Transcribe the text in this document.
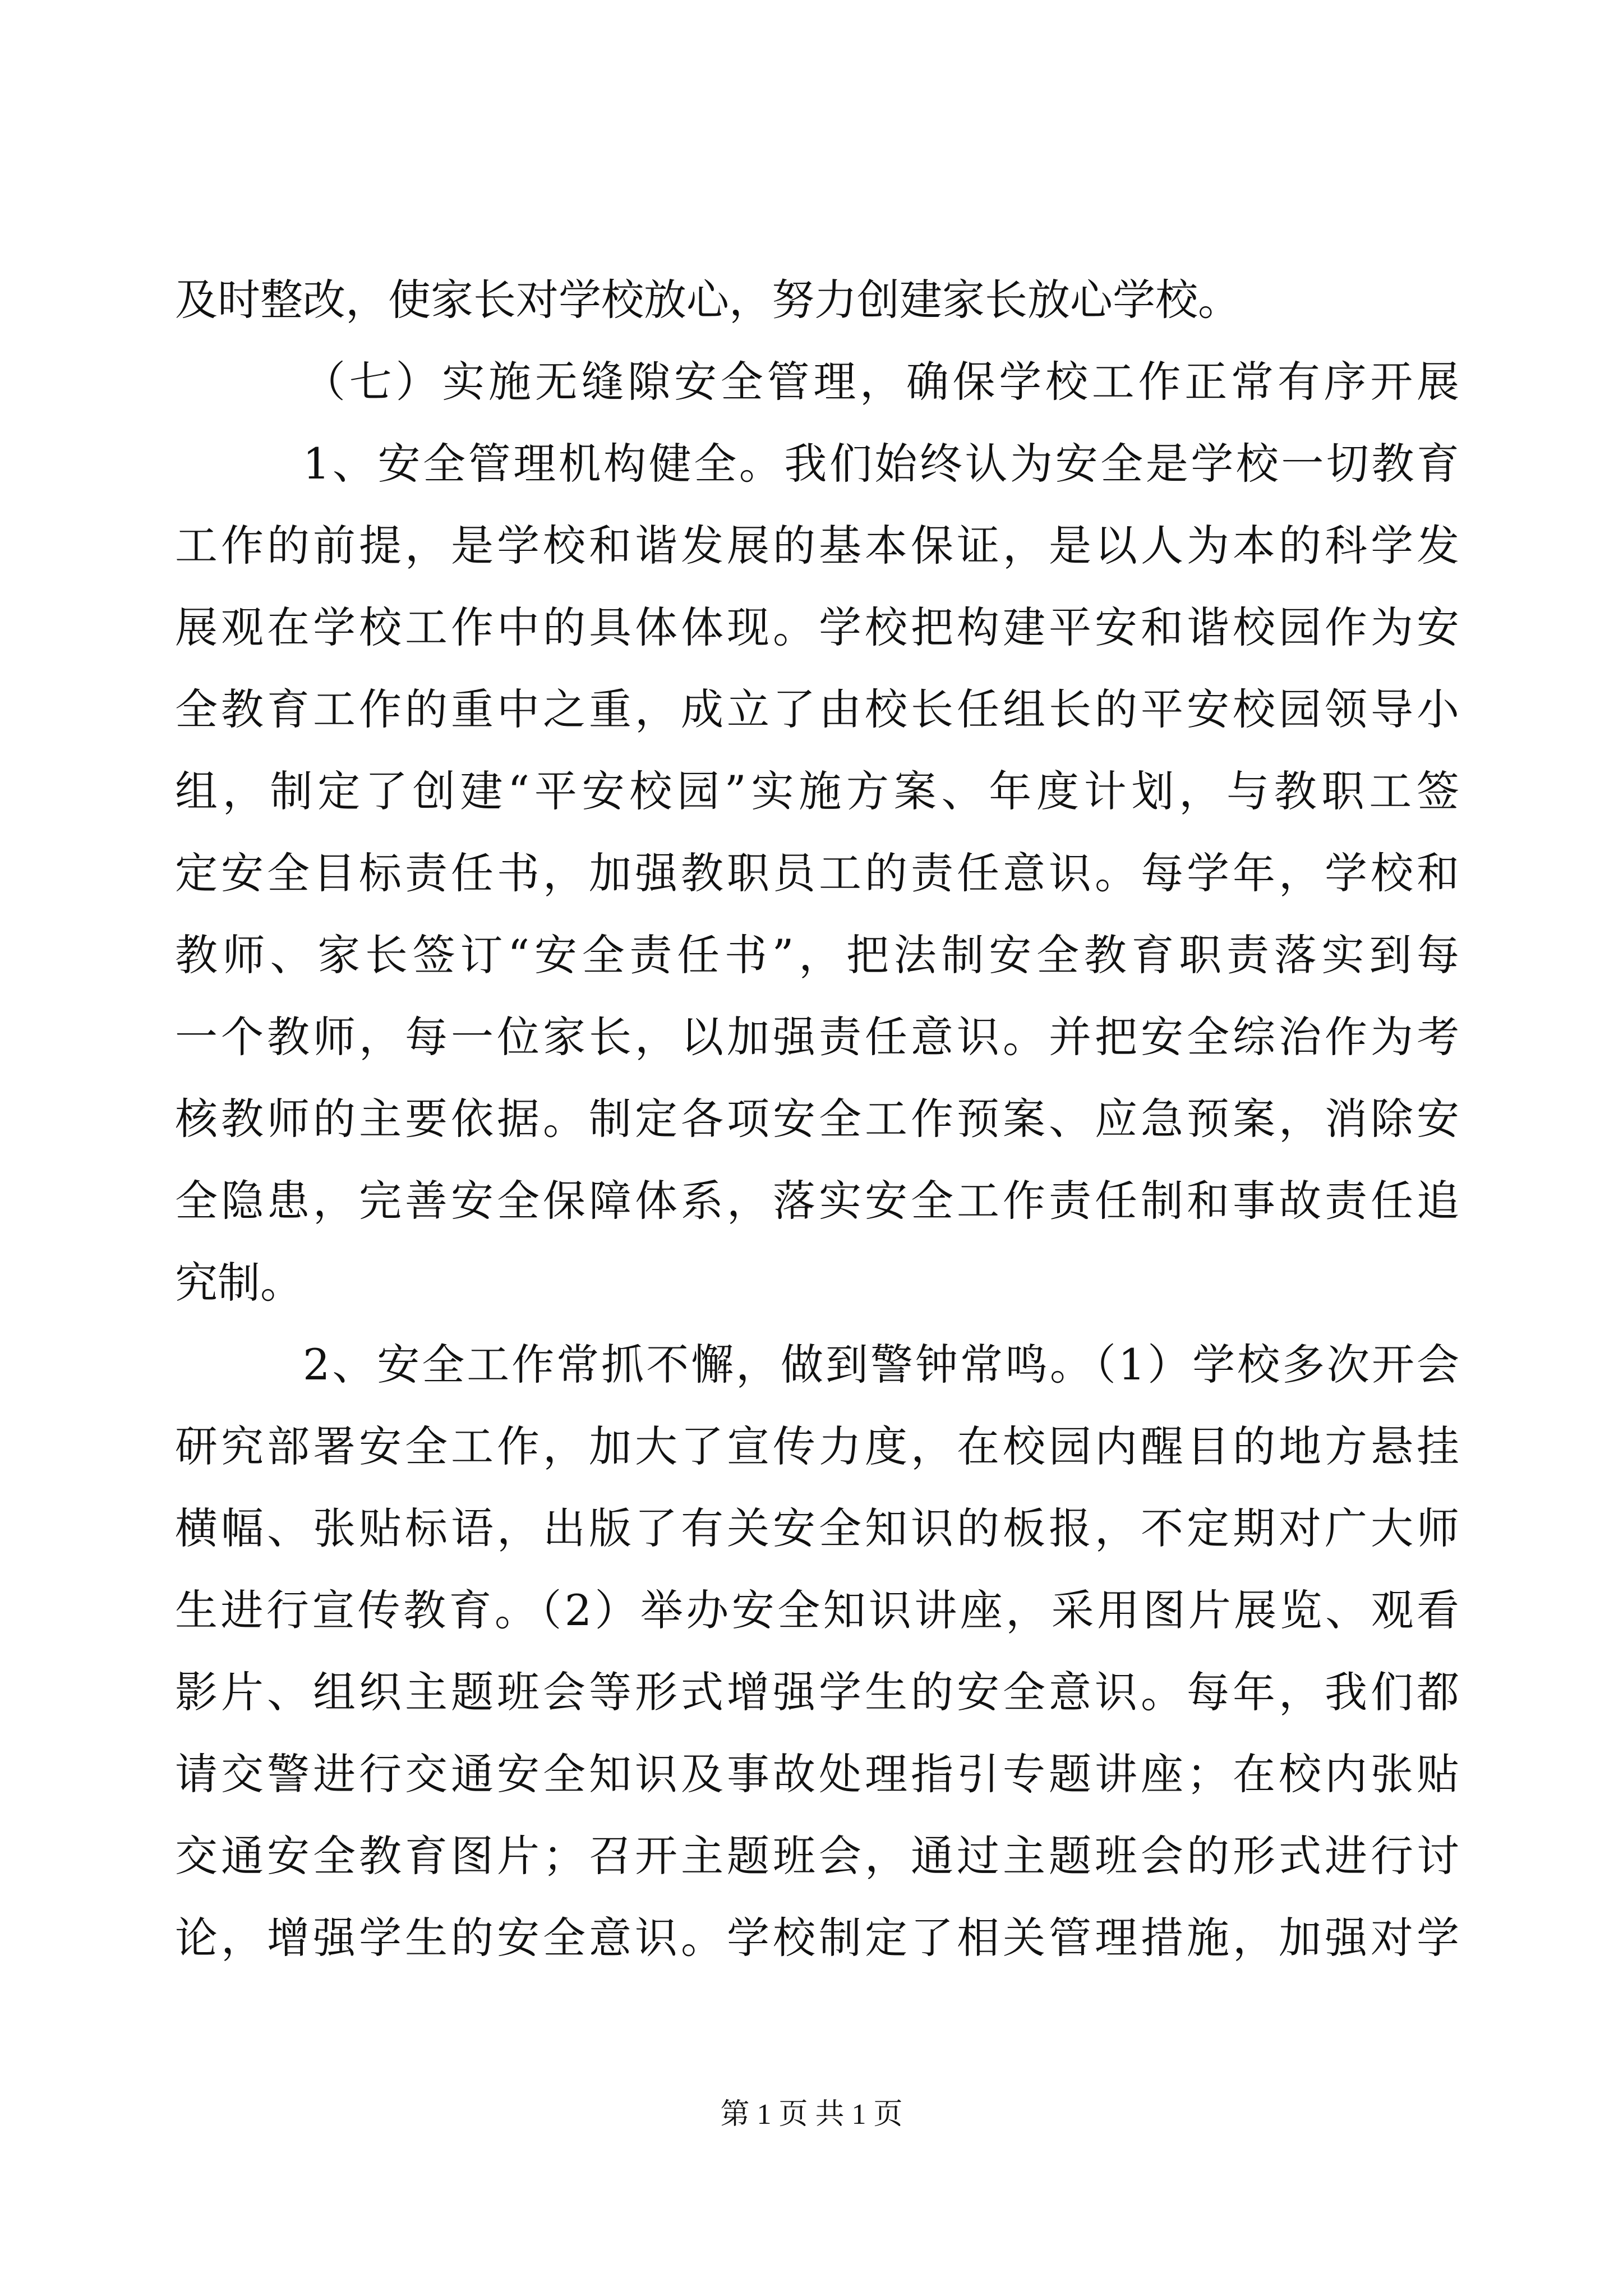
及时整改，使家长对学校放心，努力创建家长放心学校。
（七）实施无缝隙安全管理，确保学校工作正常有序开展
1、安全管理机构健全。我们始终认为安全是学校一切教育
工作的前提，是学校和谐发展的基本保证，是以人为本的科学发
展观在学校工作中的具体体现。学校把构建平安和谐校园作为安
全教育工作的重中之重，成立了由校长任组长的平安校园领导小
组，制定了创建“平安校园”实施方案、年度计划，与教职工签
定安全目标责任书，加强教职员工的责任意识。每学年，学校和
教师、家长签订“安全责任书”，把法制安全教育职责落实到每
一个教师，每一位家长，以加强责任意识。并把安全综治作为考
核教师的主要依据。制定各项安全工作预案、应急预案，消除安
全隐患，完善安全保障体系，落实安全工作责任制和事故责任追
究制。
2、安全工作常抓不懈，做到警钟常鸣。（1）学校多次开会
研究部署安全工作，加大了宣传力度，在校园内醒目的地方悬挂
横幅、张贴标语，出版了有关安全知识的板报，不定期对广大师
生进行宣传教育。（2）举办安全知识讲座，采用图片展览、观看
影片、组织主题班会等形式增强学生的安全意识。每年，我们都
请交警进行交通安全知识及事故处理指引专题讲座；在校内张贴
交通安全教育图片；召开主题班会，通过主题班会的形式进行讨
论，增强学生的安全意识。学校制定了相关管理措施，加强对学
第 1 页 共 1 页
